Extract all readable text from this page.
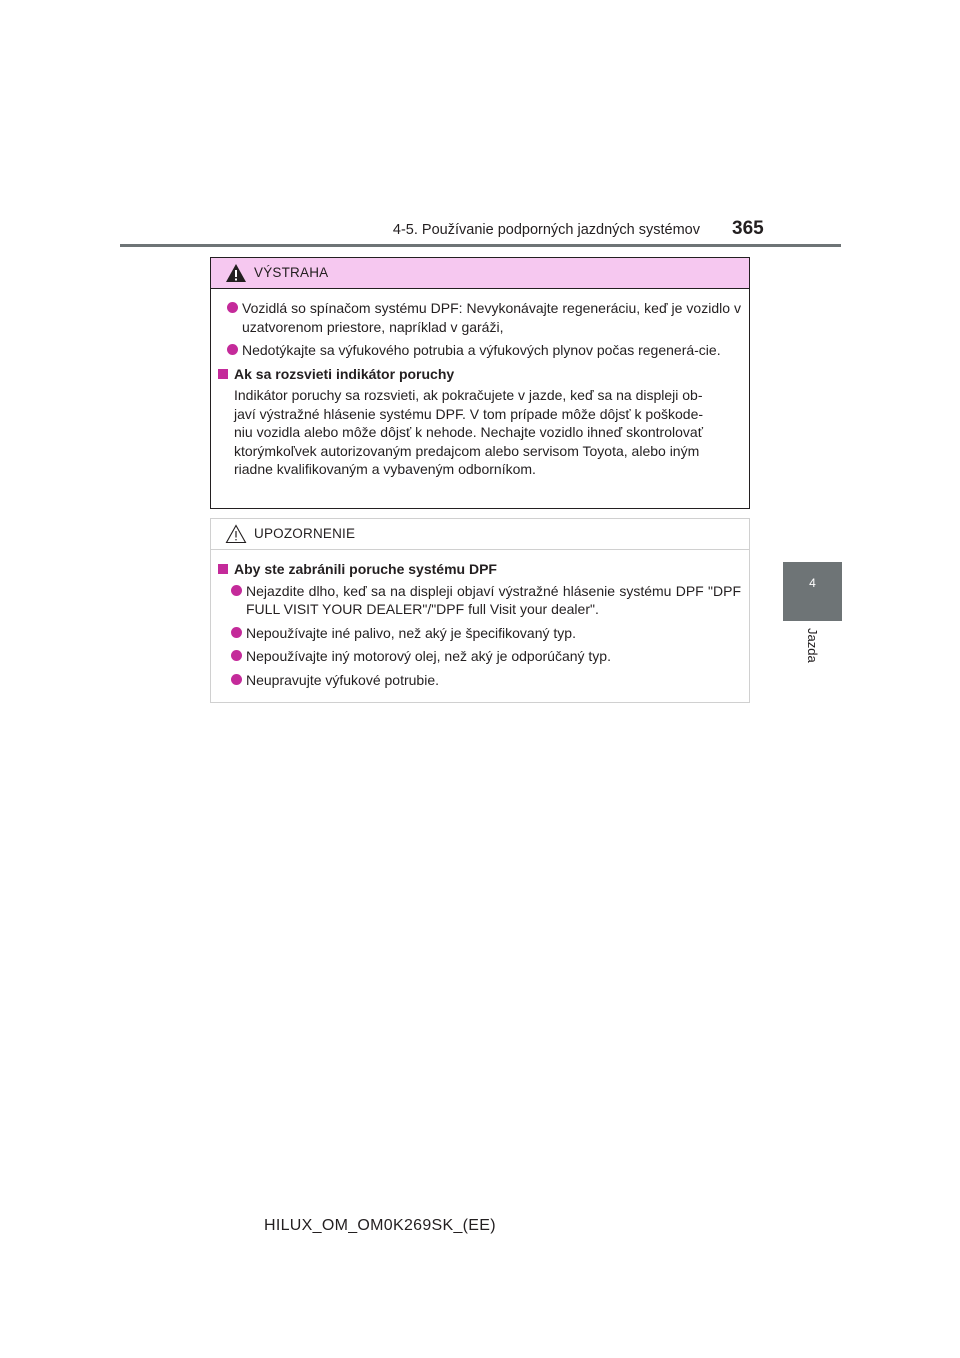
4-5. Používanie podporných jazdných systémov 365
4
Jazda
VÝSTRAHA
Vozidlá so spínačom systému DPF: Nevykonávajte regeneráciu, keď je vozidlo v uzatvorenom priestore, napríklad v garáži,
Nedotýkajte sa výfukového potrubia a výfukových plynov počas regenerá-cie.
Ak sa rozsvieti indikátor poruchy
Indikátor poruchy sa rozsvieti, ak pokračujete v jazde, keď sa na displeji ob-
javí výstražné hlásenie systému DPF. V tom prípade môže dôjsť k poškode-
niu vozidla alebo môže dôjsť k nehode. Nechajte vozidlo ihneď skontrolovať
ktorýmkoľvek autorizovaným predajcom alebo servisom Toyota, alebo iným
riadne kvalifikovaným a vybaveným odborníkom.
UPOZORNENIE
Aby ste zabránili poruche systému DPF
Nejazdite dlho, keď sa na displeji objaví výstražné hlásenie systému DPF "DPF FULL VISIT YOUR DEALER"/"DPF full Visit your dealer".
Nepoužívajte iné palivo, než aký je špecifikovaný typ.
Nepoužívajte iný motorový olej, než aký je odporúčaný typ.
Neupravujte výfukové potrubie.
HILUX_OM_OM0K269SK_(EE)
